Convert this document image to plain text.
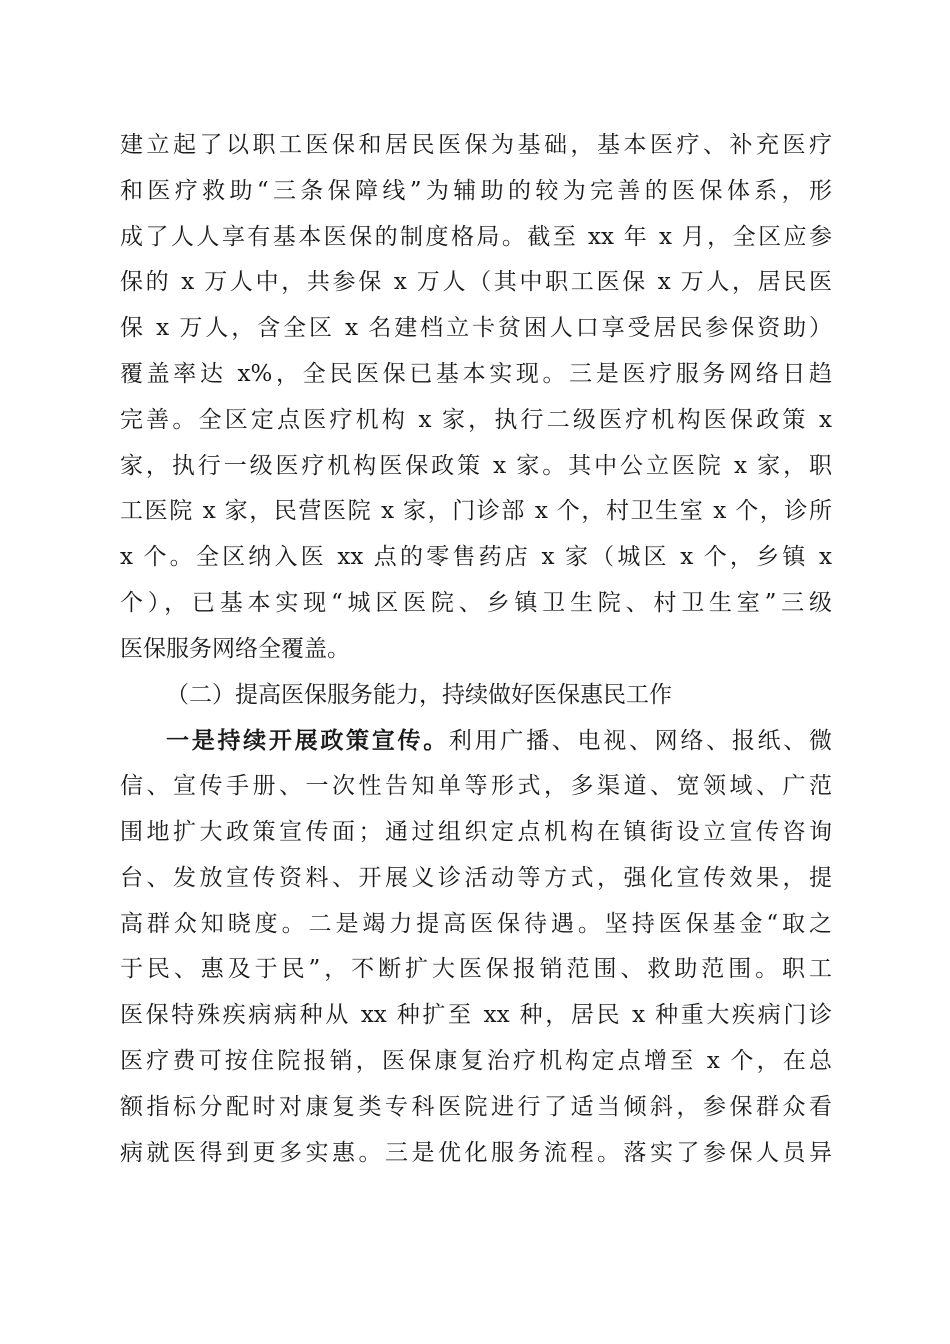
建立起了以职工医保和居民医保为基础，基本医疗、补充医疗
和医疗救助“三条保障线”为辅助的较为完善的医保体系，形
成了人人享有基本医保的制度格局。截至 xx 年 x 月，全区应参
保的 x 万人中，共参保 x 万人（其中职工医保 x 万人，居民医
保 x 万人，含全区 x 名建档立卡贫困人口享受居民参保资助）
覆盖率达 x%，全民医保已基本实现。三是医疗服务网络日趋
完善。全区定点医疗机构 x 家，执行二级医疗机构医保政策 x
家，执行一级医疗机构医保政策 x 家。其中公立医院 x 家，职
工医院 x 家，民营医院 x 家，门诊部 x 个，村卫生室 x 个，诊所
x 个。全区纳入医 xx 点的零售药店 x 家（城区 x 个，乡镇 x
个），已基本实现“城区医院、乡镇卫生院、村卫生室”三级
医保服务网络全覆盖。
（二）提高医保服务能力，持续做好医保惠民工作
一是持续开展政策宣传。利用广播、电视、网络、报纸、微
信、宣传手册、一次性告知单等形式，多渠道、宽领域、广范
围地扩大政策宣传面；通过组织定点机构在镇街设立宣传咨询
台、发放宣传资料、开展义诊活动等方式，强化宣传效果，提
高群众知晓度。二是竭力提高医保待遇。坚持医保基金“取之
于民、惠及于民”，不断扩大医保报销范围、救助范围。职工
医保特殊疾病病种从 xx 种扩至 xx 种，居民 x 种重大疾病门诊
医疗费可按住院报销，医保康复治疗机构定点增至 x 个，在总
额指标分配时对康复类专科医院进行了适当倾斜，参保群众看
病就医得到更多实惠。三是优化服务流程。落实了参保人员异
